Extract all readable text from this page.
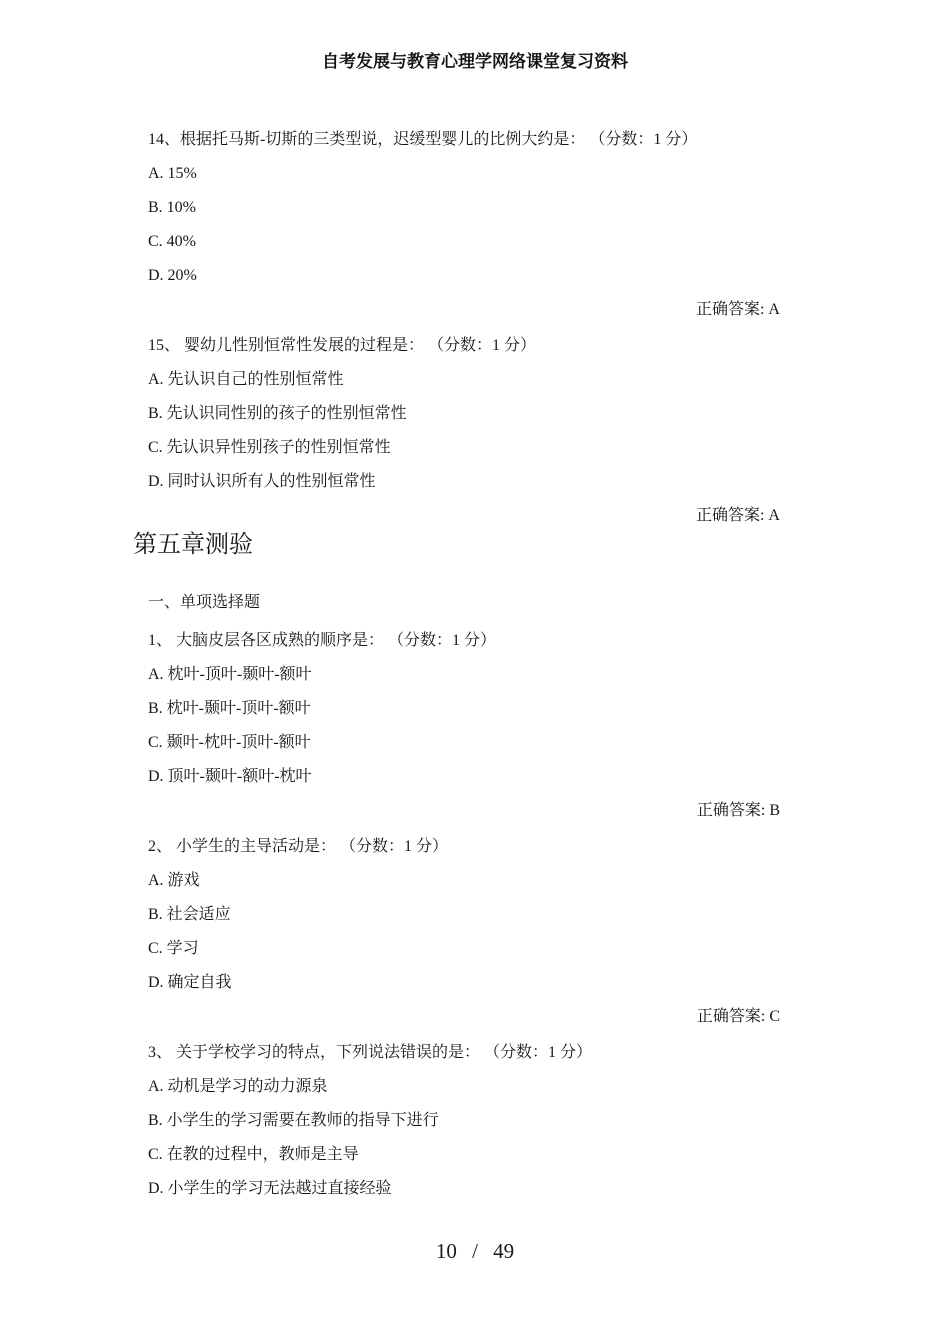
自考发展与教育心理学网络课堂复习资料

14、根据托马斯-切斯的三类型说，迟缓型婴儿的比例大约是： （分数：1 分）

A. 15%

B. 10%

C. 40%

D. 20%

正确答案: A

15、 婴幼儿性别恒常性发展的过程是： （分数：1 分）

A. 先认识自己的性别恒常性

B. 先认识同性别的孩子的性别恒常性

C. 先认识异性别孩子的性别恒常性

D. 同时认识所有人的性别恒常性

正确答案: A

第五章测验

一、单项选择题

1、 大脑皮层各区成熟的顺序是： （分数：1 分）

A. 枕叶-顶叶-颞叶-额叶

B. 枕叶-颞叶-顶叶-额叶

C. 颞叶-枕叶-顶叶-额叶

D. 顶叶-颞叶-额叶-枕叶

正确答案: B

2、 小学生的主导活动是： （分数：1 分）

A. 游戏

B. 社会适应

C. 学习

D. 确定自我

正确答案: C

3、 关于学校学习的特点，下列说法错误的是： （分数：1 分）

A. 动机是学习的动力源泉

B. 小学生的学习需要在教师的指导下进行

C. 在教的过程中，教师是主导

D. 小学生的学习无法越过直接经验

10 / 49
